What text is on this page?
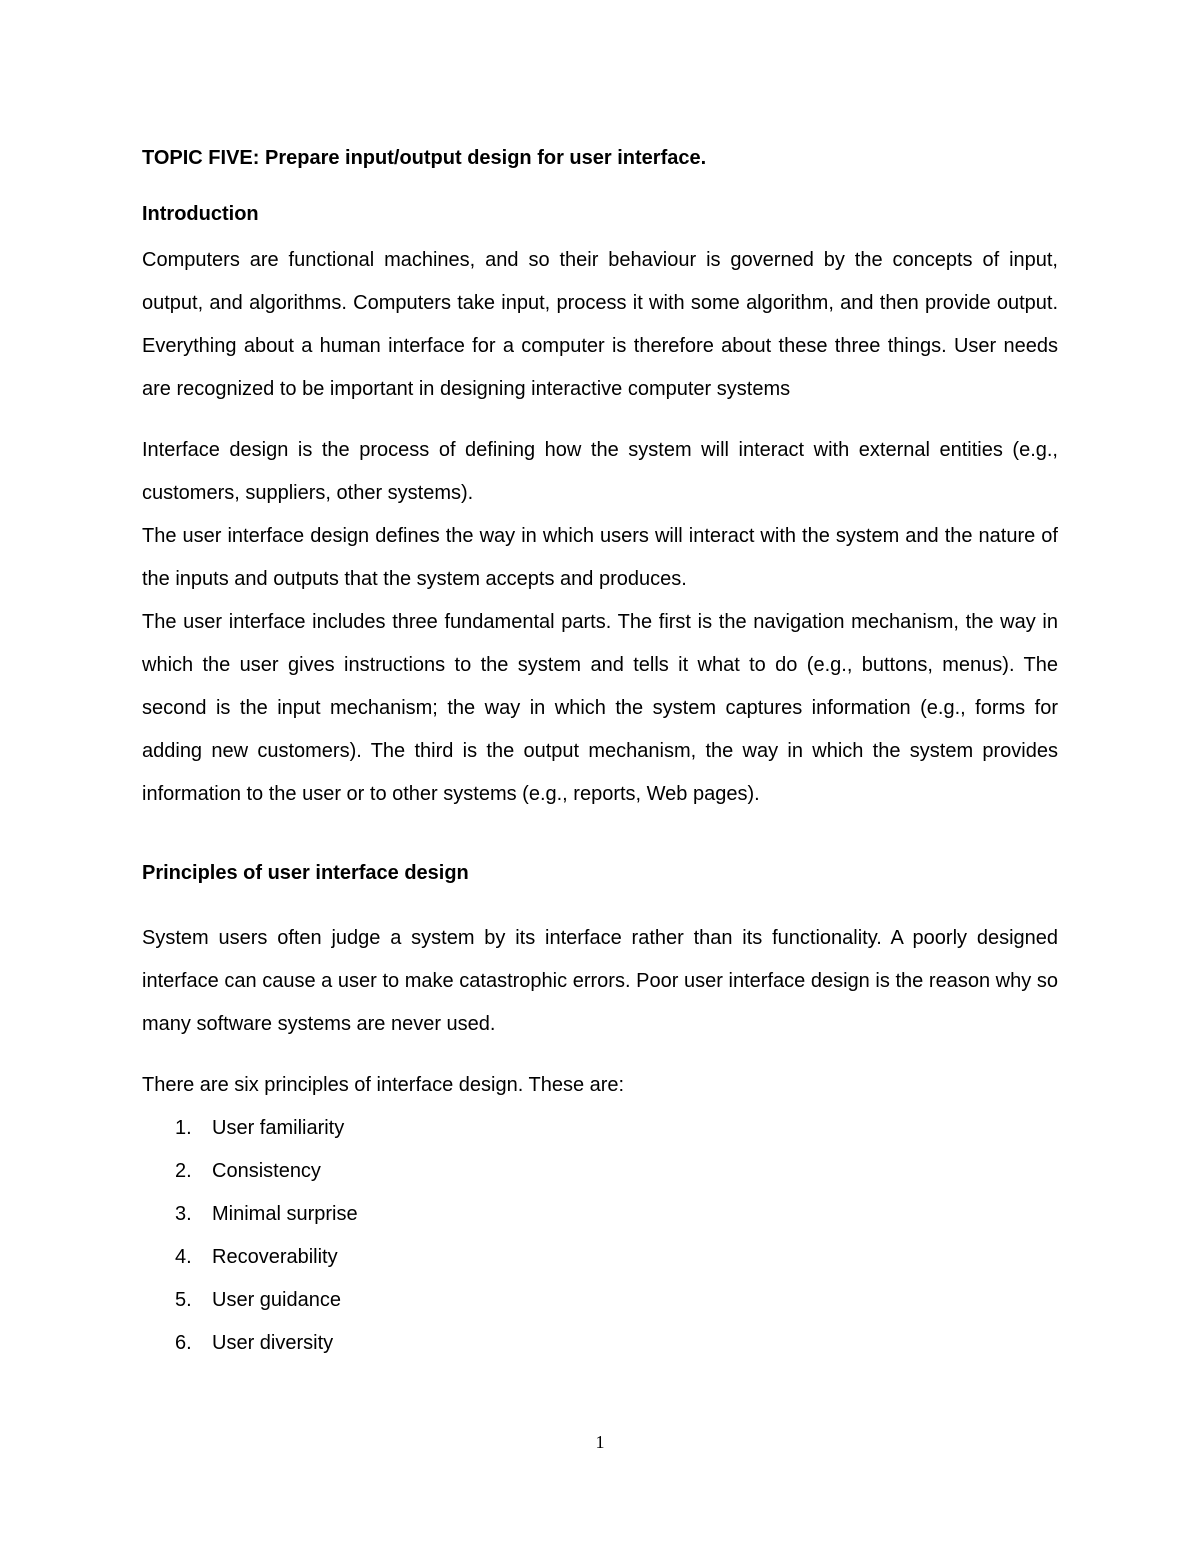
TOPIC FIVE: Prepare input/output design for user interface.

Introduction

Computers are functional machines, and so their behaviour is governed by the concepts of input, output, and algorithms. Computers take input, process it with some algorithm, and then provide output. Everything about a human interface for a computer is therefore about these three things. User needs are recognized to be important in designing interactive computer systems

Interface design is the process of defining how the system will interact with external entities (e.g., customers, suppliers, other systems).

The user interface design defines the way in which users will interact with the system and the nature of the inputs and outputs that the system accepts and produces.

The user interface includes three fundamental parts. The first is the navigation mechanism, the way in which the user gives instructions to the system and tells it what to do (e.g., buttons, menus). The second is the input mechanism; the way in which the system captures information (e.g., forms for adding new customers). The third is the output mechanism, the way in which the system provides information to the user or to other systems (e.g., reports, Web pages).

Principles of user interface design

System users often judge a system by its interface rather than its functionality. A poorly designed interface can cause a user to make catastrophic errors. Poor user interface design is the reason why so many software systems are never used.

There are six principles of interface design. These are:

1.	User familiarity
2.	Consistency
3.	Minimal surprise
4.	Recoverability
5.	User guidance
6.	User diversity
1
